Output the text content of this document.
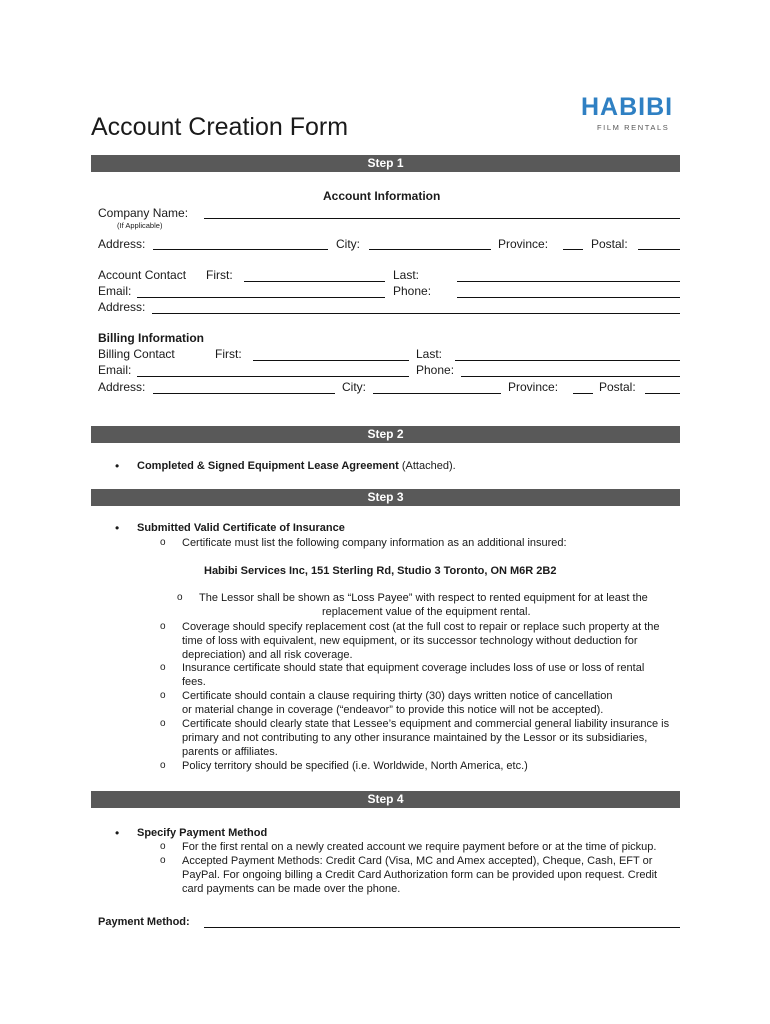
Account Creation Form
HABIBI
FILM RENTALS
Step 1
Account Information
Company Name:
(If Applicable)
Address:	City:	Province:	Postal:
Account Contact First:	Last:
Email:	Phone:
Address:
Billing Information
Billing Contact	First:	Last:
Email:	Phone:
Address:	City:	Province:	Postal:
Step 2
• Completed & Signed Equipment Lease Agreement (Attached).
Step 3
• Submitted Valid Certificate of Insurance
o Certificate must list the following company information as an additional insured:
Habibi Services Inc, 151 Sterling Rd, Studio 3 Toronto, ON M6R 2B2
o The Lessor shall be shown as “Loss Payee” with respect to rented equipment for at least the
replacement value of the equipment rental.
o Coverage should specify replacement cost (at the full cost to repair or replace such property at the time of loss with equivalent, new equipment, or its successor technology without deduction for depreciation) and all risk coverage.
o Insurance certificate should state that equipment coverage includes loss of use or loss of rental fees.
o Certificate should contain a clause requiring thirty (30) days written notice of cancellation or material change in coverage (“endeavor” to provide this notice will not be accepted).
o Certificate should clearly state that Lessee’s equipment and commercial general liability insurance is primary and not contributing to any other insurance maintained by the Lessor or its subsidiaries, parents or affiliates.
o Policy territory should be specified (i.e. Worldwide, North America, etc.)
Step 4
• Specify Payment Method
o For the first rental on a newly created account we require payment before or at the time of pickup.
o Accepted Payment Methods: Credit Card (Visa, MC and Amex accepted), Cheque, Cash, EFT or PayPal. For ongoing billing a Credit Card Authorization form can be provided upon request. Credit card payments can be made over the phone.
Payment Method:
